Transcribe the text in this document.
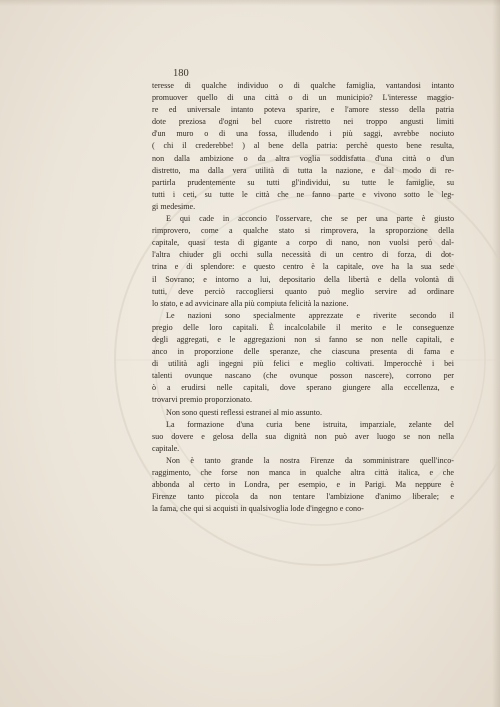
180
teresse di qualche individuo o di qualche famiglia, vantandosi intanto
promuover quello di una città o di un municipio? L'interesse maggio-
re ed universale intanto poteva sparire, e l'amore stesso della patria
dote preziosa d'ogni bel cuore ristretto nei troppo angusti limiti
d'un muro o di una fossa, illudendo i più saggi, avrebbe nociuto
( chi il crederebbe! ) al bene della patria: perchè questo bene resulta,
non dalla ambizione o da altra voglia soddisfatta d'una città o d'un
distretto, ma dalla vera utilità di tutta la nazione, e dal modo di re-
partirla prudentemente su tutti gl'individui, su tutte le famiglie, su
tutti i ceti, su tutte le città che ne fanno parte e vivono sotto le leg-
gi medesime.
E qui cade in acconcio l'osservare, che se per una parte è giusto
rimprovero, come a qualche stato si rimprovera, la sproporzione della
capitale, quasi testa di gigante a corpo di nano, non vuolsi però dal-
l'altra chiuder gli occhi sulla necessità di un centro di forza, di dot-
trina e di splendore: e questo centro è la capitale, ove ha la sua sede
il Sovrano; e intorno a lui, depositario della libertà e della volontà di
tutti, deve perciò raccogliersi quanto può meglio servire ad ordinare
lo stato, e ad avvicinare alla più compiuta felicità la nazione.
Le nazioni sono specialmente apprezzate e riverite secondo il
pregio delle loro capitali. È incalcolabile il merito e le conseguenze
degli aggregati, e le aggregazioni non si fanno se non nelle capitali, e
anco in proporzione delle speranze, che ciascuna presenta di fama e
di utilità agli ingegni più felici e meglio coltivati. Imperocchè i bei
talenti ovunque nascano (che ovunque posson nascere), corrono per
ò a erudirsi nelle capitali, dove sperano giungere alla eccellenza, e
trovarvi premio proporzionato.
Non sono questi reflessi estranei al mio assunto.
La formazione d'una curia bene istruita, imparziale, zelante del
suo dovere e gelosa della sua dignità non può aver luogo se non nella
capitale.
Non è tanto grande la nostra Firenze da somministrare quell'inco-
raggimento, che forse non manca in qualche altra città italica, e che
abbonda al certo in Londra, per esempio, e in Parigi. Ma neppure è
Firenze tanto piccola da non tentare l'ambizione d'animo liberale; e
la fama, che qui si acquisti in qualsivoglia lode d'ingegno e cono-
